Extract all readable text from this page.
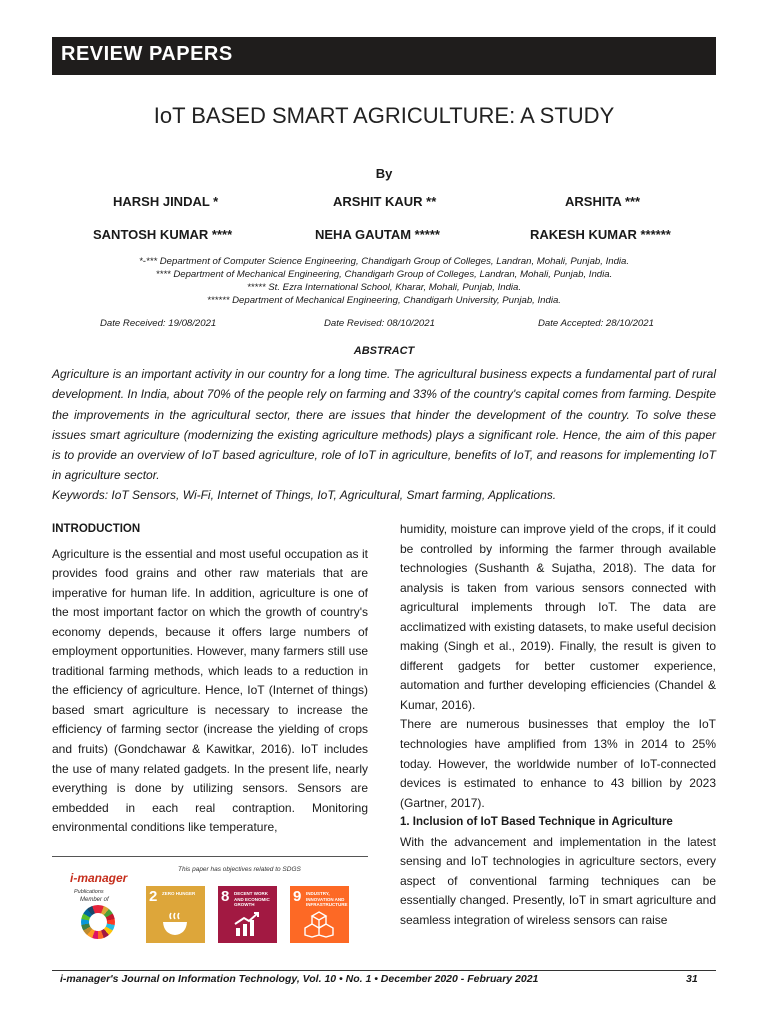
REVIEW PAPERS
IoT BASED SMART AGRICULTURE: A STUDY
By
HARSH JINDAL *	ARSHIT KAUR **	ARSHITA ***
SANTOSH KUMAR ****	NEHA GAUTAM *****	RAKESH KUMAR ******
*-*** Department of Computer Science Engineering, Chandigarh Group of Colleges, Landran, Mohali, Punjab, India.
**** Department of Mechanical Engineering, Chandigarh Group of Colleges, Landran, Mohali, Punjab, India.
***** St. Ezra International School, Kharar, Mohali, Punjab, India.
****** Department of Mechanical Engineering, Chandigarh University, Punjab, India.
Date Received: 19/08/2021	Date Revised: 08/10/2021	Date Accepted: 28/10/2021
ABSTRACT

Agriculture is an important activity in our country for a long time. The agricultural business expects a fundamental part of rural development. In India, about 70% of the people rely on farming and 33% of the country's capital comes from farming. Despite the improvements in the agricultural sector, there are issues that hinder the development of the country. To solve these issues smart agriculture (modernizing the existing agriculture methods) plays a significant role. Hence, the aim of this paper is to provide an overview of IoT based agriculture, role of IoT in agriculture, benefits of IoT, and reasons for implementing IoT in agriculture sector.

Keywords: IoT Sensors, Wi-Fi, Internet of Things, IoT, Agricultural, Smart farming, Applications.

INTRODUCTION

Agriculture is the essential and most useful occupation as it provides food grains and other raw materials that are imperative for human life. In addition, agriculture is one of the most important factor on which the growth of country's economy depends, because it offers large numbers of employment opportunities. However, many farmers still use traditional farming methods, which leads to a reduction in the efficiency of agriculture. Hence, IoT (Internet of things) based smart agriculture is necessary to increase the efficiency of farming sector (increase the yielding of crops and fruits) (Gondchawar & Kawitkar, 2016). IoT includes the use of many related gadgets. In the present life, nearly everything is done by utilizing sensors. Sensors are embedded in each real contraption. Monitoring environmental conditions like temperature,

humidity, moisture can improve yield of the crops, if it could be controlled by informing the farmer through available technologies (Sushanth & Sujatha, 2018). The data for analysis is taken from various sensors connected with agricultural implements through IoT. The data are acclimatized with existing datasets, to make useful decision making (Singh et al., 2019). Finally, the result is given to different gadgets for better customer experience, automation and further developing efficiencies (Chandel & Kumar, 2016).

There are numerous businesses that employ the IoT technologies have amplified from 13% in 2014 to 25% today. However, the worldwide number of IoT-connected devices is estimated to enhance to 43 billion by 2023 (Gartner, 2017).

1. Inclusion of IoT Based Technique in Agriculture

With the advancement and implementation in the latest sensing and IoT technologies in agriculture sectors, every aspect of conventional farming techniques can be essentially changed. Presently, IoT in smart agriculture and seamless integration of wireless sensors can raise

This paper has objectives related to SDGS
i-manager
Publications
Member of	2 ZERO HUNGER	8 DECENT WORK AND ECONOMIC GROWTH	9 INDUSTRY, INNOVATION AND INFRASTRUCTURE
i-manager's Journal on Information Technology, Vol. 10 • No. 1 • December 2020 - February 2021	31
